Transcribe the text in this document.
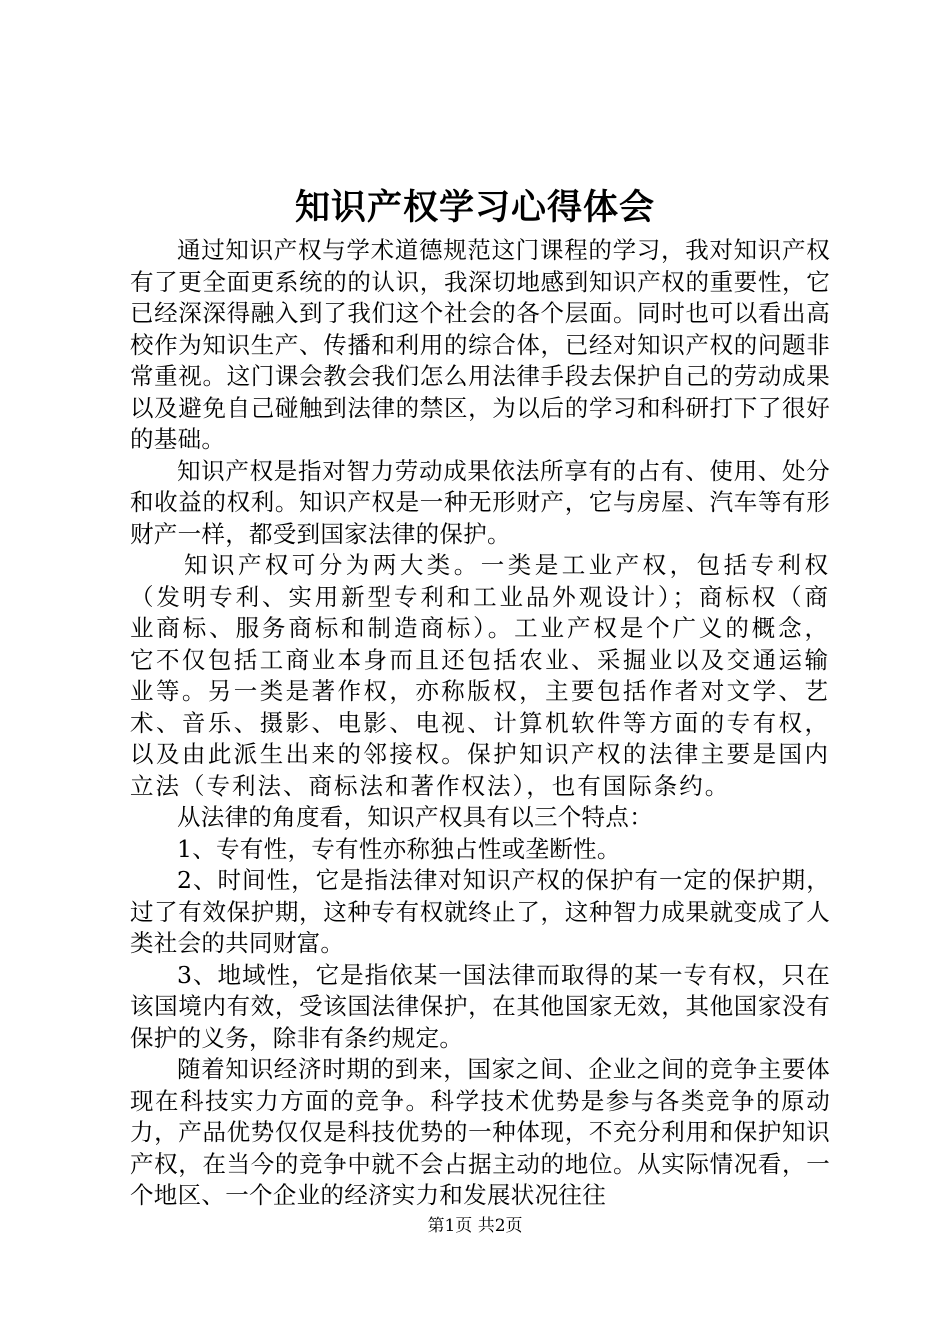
知识产权学习心得体会

通过知识产权与学术道德规范这门课程的学习，我对知识产权有了更全面更系统的的认识，我深切地感到知识产权的重要性，它已经深深得融入到了我们这个社会的各个层面。同时也可以看出高校作为知识生产、传播和利用的综合体，已经对知识产权的问题非常重视。这门课会教会我们怎么用法律手段去保护自己的劳动成果以及避免自己碰触到法律的禁区，为以后的学习和科研打下了很好的基础。

知识产权是指对智力劳动成果依法所享有的占有、使用、处分和收益的权利。知识产权是一种无形财产，它与房屋、汽车等有形财产一样，都受到国家法律的保护。

知识产权可分为两大类。一类是工业产权，包括专利权（发明专利、实用新型专利和工业品外观设计）；商标权（商业商标、服务商标和制造商标）。工业产权是个广义的概念，它不仅包括工商业本身而且还包括农业、采掘业以及交通运输业等。另一类是著作权，亦称版权，主要包括作者对文学、艺术、音乐、摄影、电影、电视、计算机软件等方面的专有权，以及由此派生出来的邻接权。保护知识产权的法律主要是国内立法（专利法、商标法和著作权法），也有国际条约。

从法律的角度看，知识产权具有以三个特点：

1、专有性，专有性亦称独占性或垄断性。

2、时间性，它是指法律对知识产权的保护有一定的保护期，过了有效保护期，这种专有权就终止了，这种智力成果就变成了人类社会的共同财富。

3、地域性，它是指依某一国法律而取得的某一专有权，只在该国境内有效，受该国法律保护，在其他国家无效，其他国家没有保护的义务，除非有条约规定。

随着知识经济时期的到来，国家之间、企业之间的竞争主要体现在科技实力方面的竞争。科学技术优势是参与各类竞争的原动力，产品优势仅仅是科技优势的一种体现，不充分利用和保护知识产权，在当今的竞争中就不会占据主动的地位。从实际情况看，一个地区、一个企业的经济实力和发展状况往往

第1页 共2页
